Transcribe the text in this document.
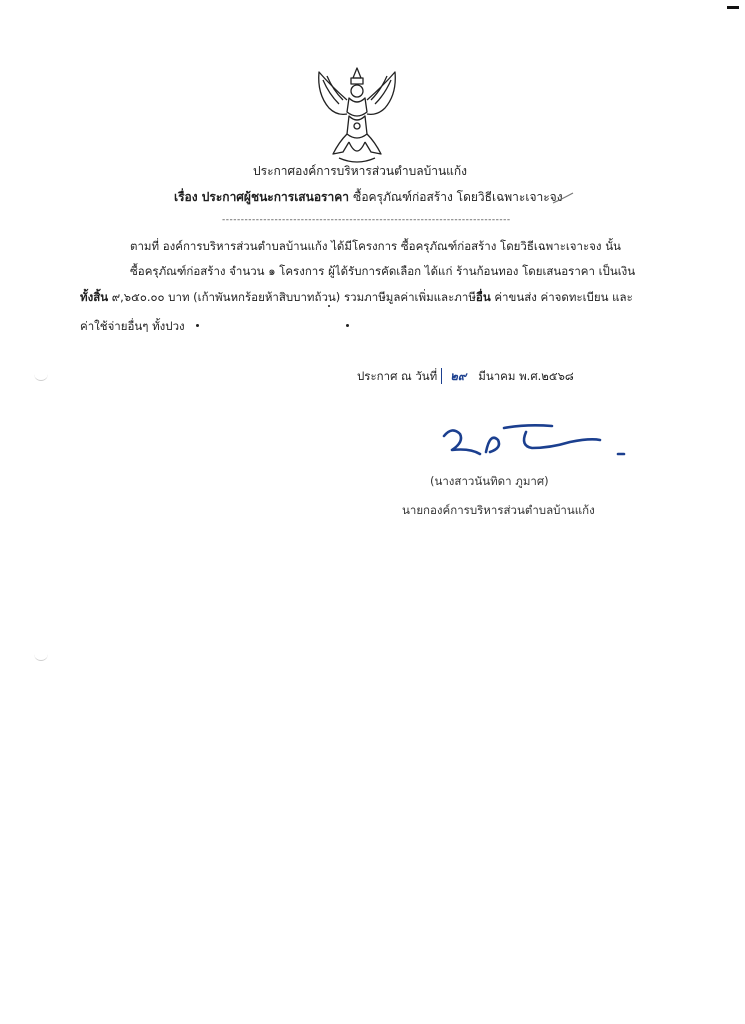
ประกาศองค์การบริหารส่วนตำบลบ้านแก้ง
เรื่อง ประกาศผู้ชนะการเสนอราคา ซื้อครุภัณฑ์ก่อสร้าง โดยวิธีเฉพาะเจาะจง
-----------------------------------------------------------------------------
ตามที่ องค์การบริหารส่วนตำบลบ้านแก้ง ได้มีโครงการ ซื้อครุภัณฑ์ก่อสร้าง โดยวิธีเฉพาะเจาะจง นั้น
ซื้อครุภัณฑ์ก่อสร้าง จำนวน ๑ โครงการ ผู้ได้รับการคัดเลือก ได้แก่ ร้านก้อนทอง โดยเสนอราคา เป็นเงิน
ทั้งสิ้น ๙,๖๕๐.๐๐ บาท (เก้าพันหกร้อยห้าสิบบาทถ้วน) รวมภาษีมูลค่าเพิ่มและภาษีอื่น ค่าขนส่ง ค่าจดทะเบียน และ
ค่าใช้จ่ายอื่นๆ ทั้งปวง
ประกาศ ณ วันที่ ๒๙ มีนาคม พ.ศ.๒๕๖๘
(นางสาวนันทิดา ภูมาศ)
นายกองค์การบริหารส่วนตำบลบ้านแก้ง
